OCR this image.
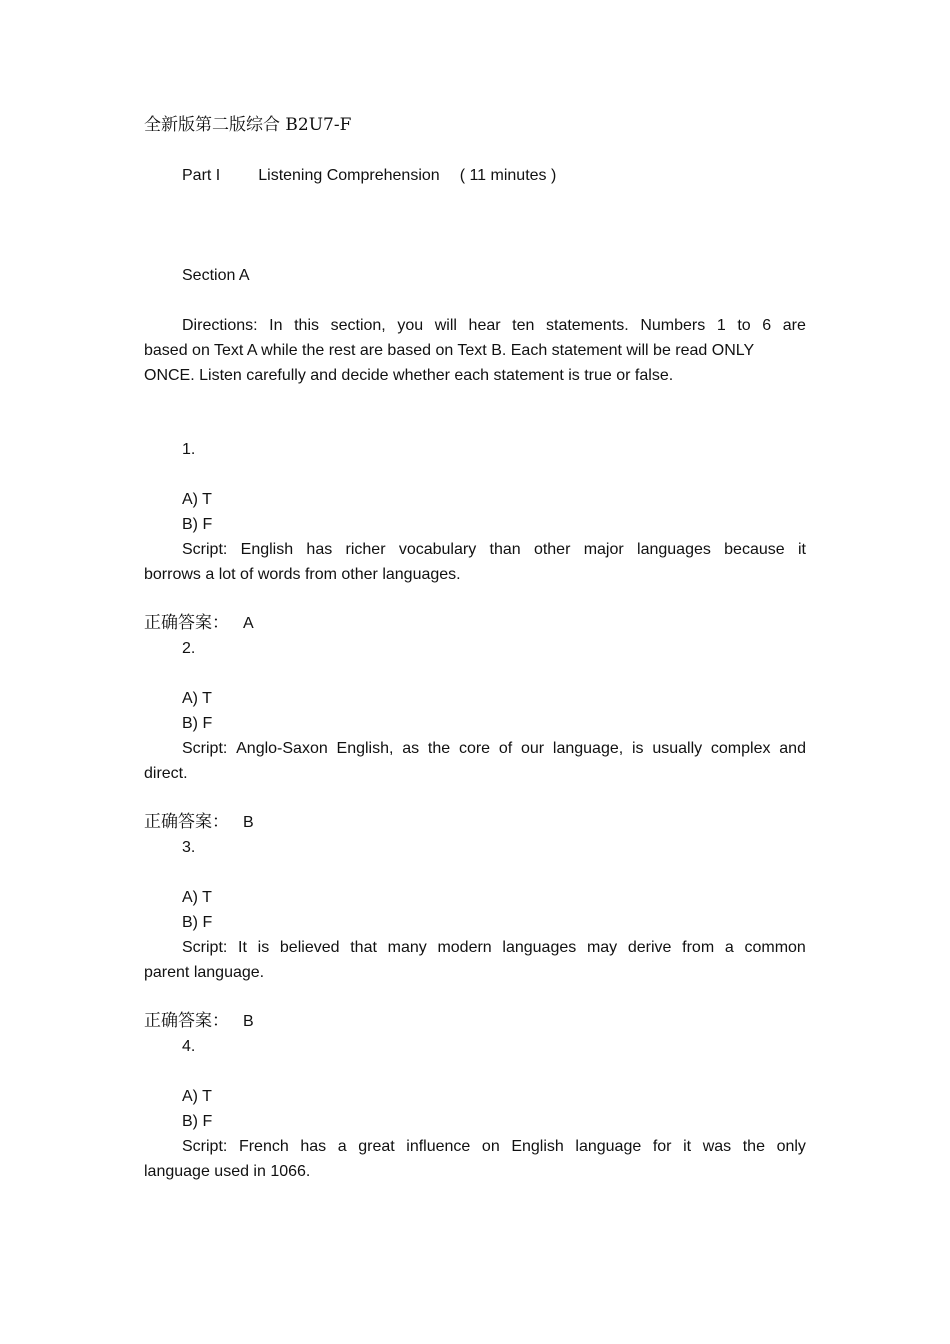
全新版第二版综合 B2U7-F
Part I Listening Comprehension ( 11 minutes )
Section A
Directions: In this section, you will hear ten statements. Numbers 1 to 6 are
based on Text A while the rest are based on Text B. Each statement will be read ONLY
ONCE. Listen carefully and decide whether each statement is true or false.
1.
A) T
B) F
Script: English has richer vocabulary than other major languages because it
borrows a lot of words from other languages.
正确答案： A
2.
A) T
B) F
Script: Anglo-Saxon English, as the core of our language, is usually complex and
direct.
正确答案： B
3.
A) T
B) F
Script: It is believed that many modern languages may derive from a common
parent language.
正确答案： B
4.
A) T
B) F
Script: French has a great influence on English language for it was the only
language used in 1066.
